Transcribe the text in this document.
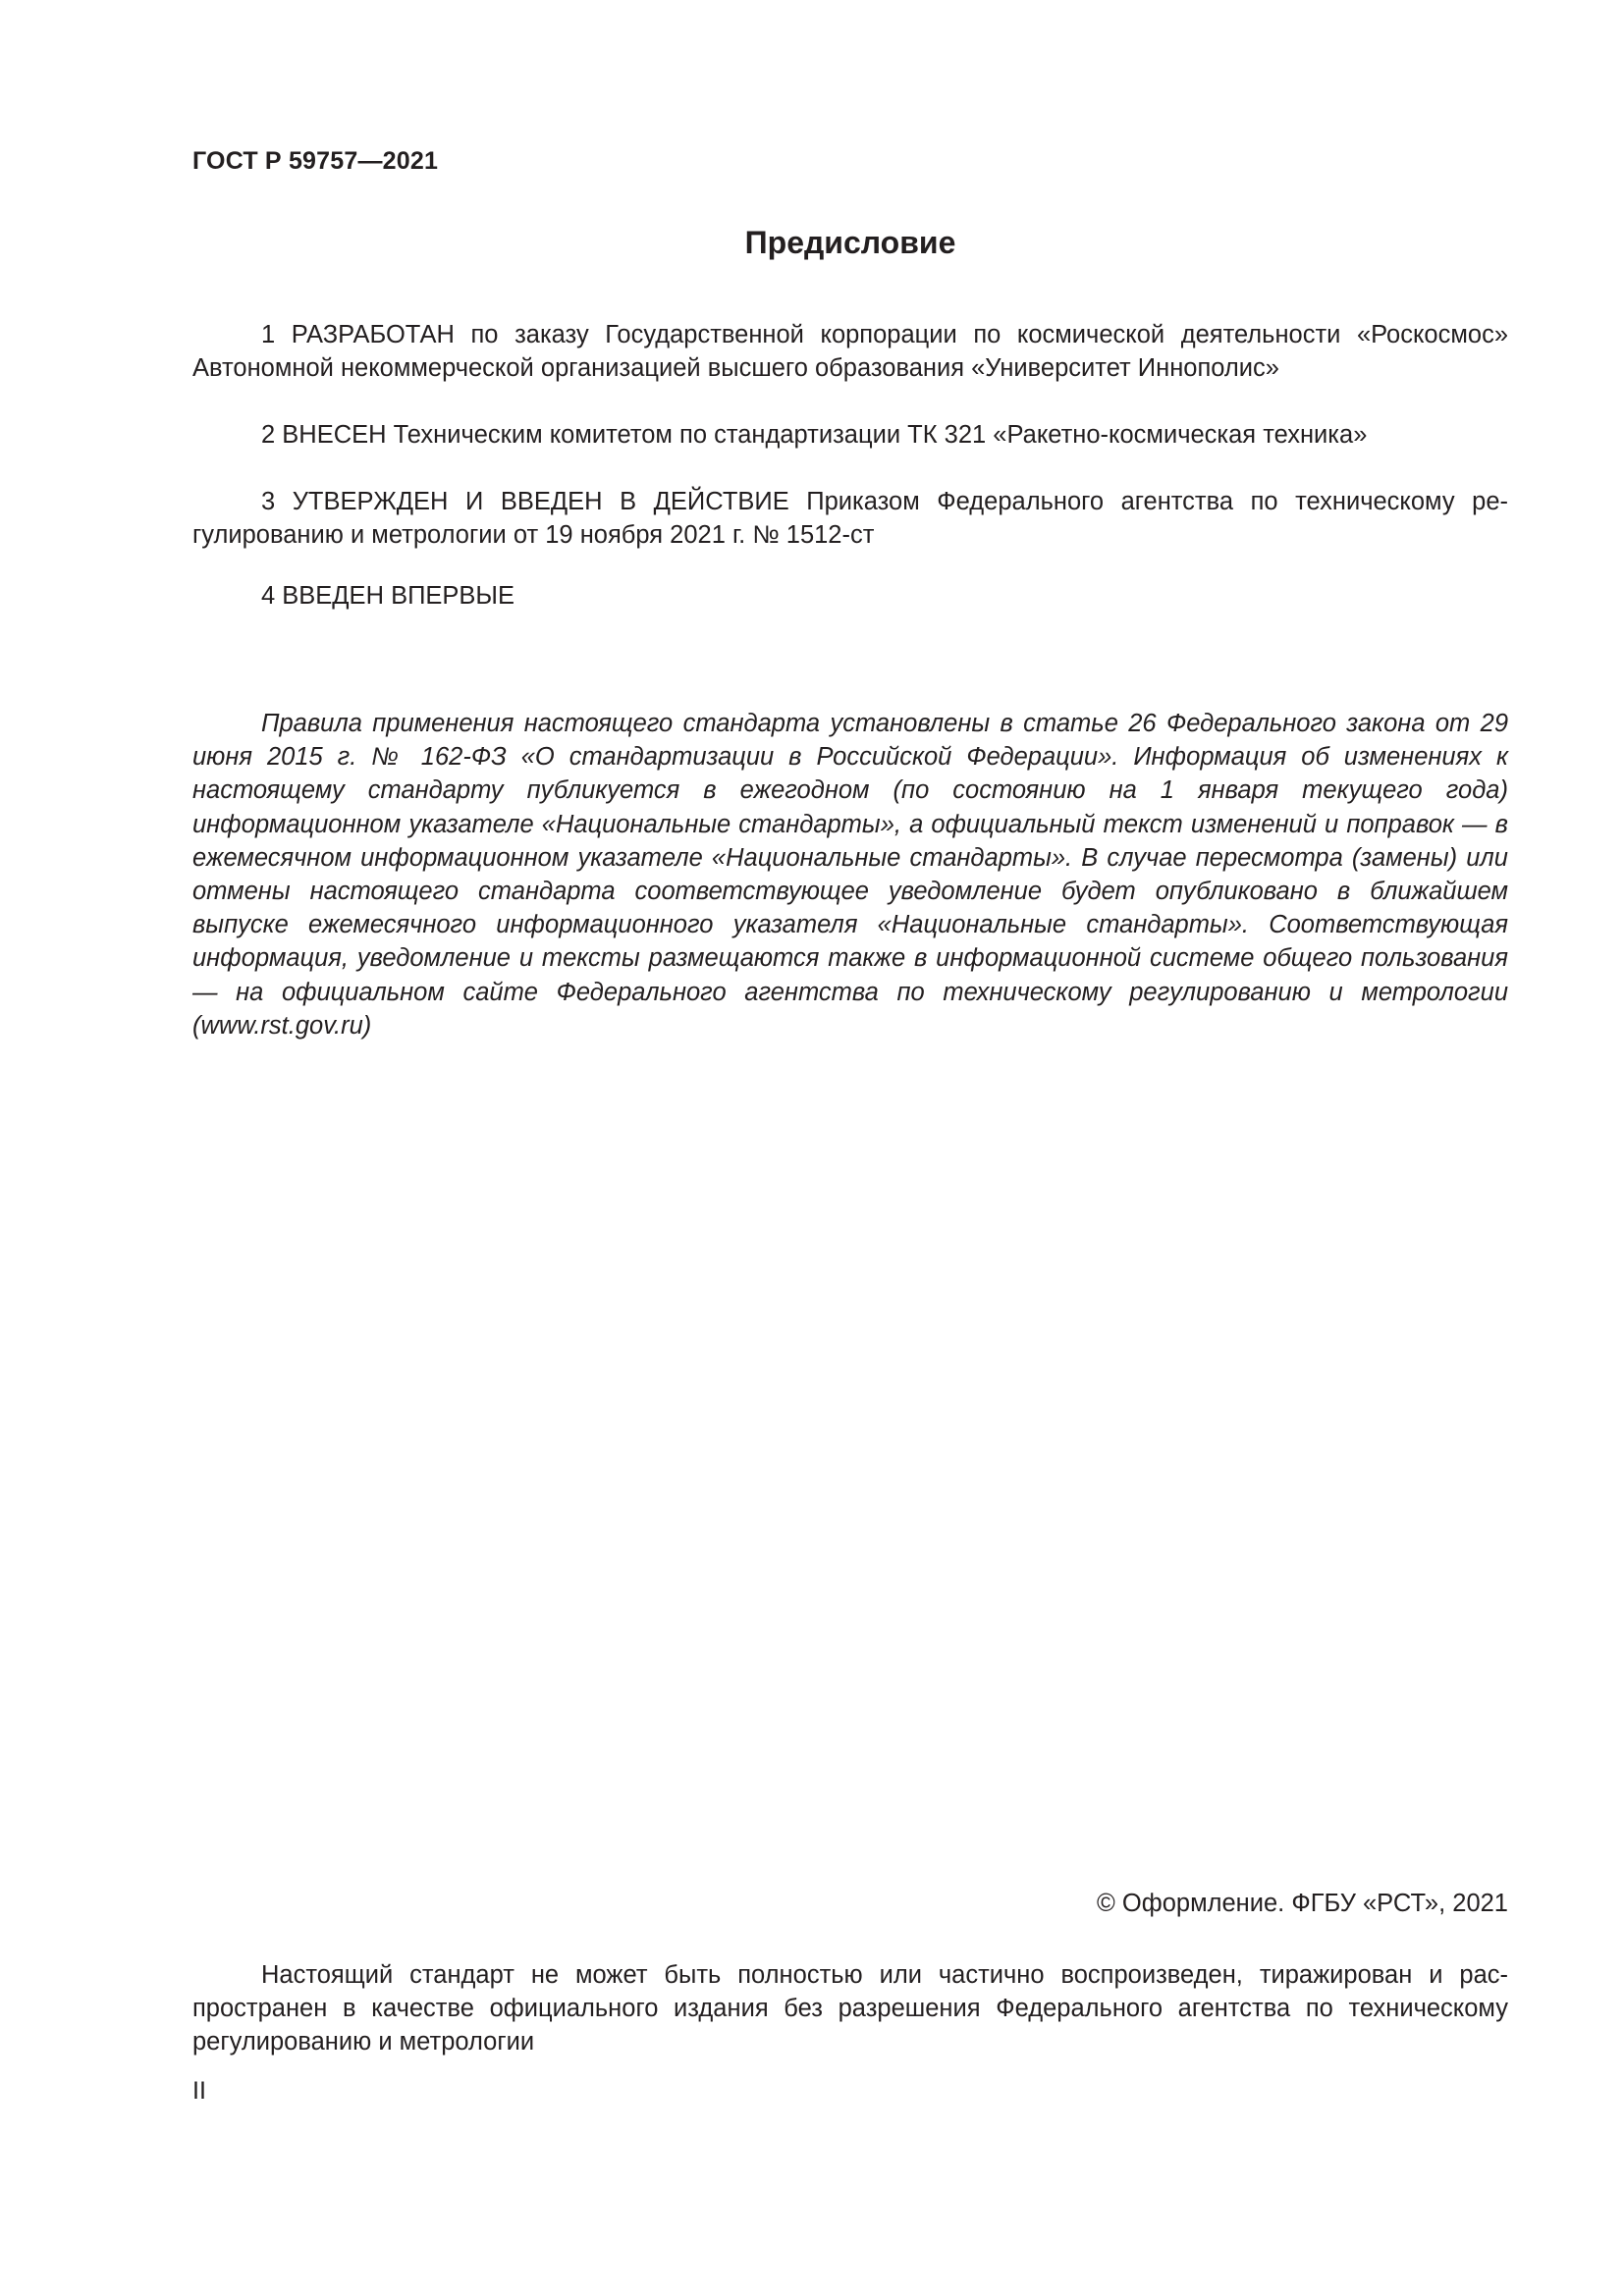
ГОСТ Р 59757—2021
Предисловие

1 РАЗРАБОТАН по заказу Государственной корпорации по космической деятельности «Роскосмос» Автономной некоммерческой организацией высшего образования «Университет Иннополис»

2 ВНЕСЕН Техническим комитетом по стандартизации ТК 321 «Ракетно-космическая техника»

3 УТВЕРЖДЕН И ВВЕДЕН В ДЕЙСТВИЕ Приказом Федерального агентства по техническому регулированию и метрологии от 19 ноября 2021 г. № 1512-ст

4 ВВЕДЕН ВПЕРВЫЕ

Правила применения настоящего стандарта установлены в статье 26 Федерального закона от 29 июня 2015 г. № 162-ФЗ «О стандартизации в Российской Федерации». Информация об изменениях к настоящему стандарту публикуется в ежегодном (по состоянию на 1 января текущего года) информационном указателе «Национальные стандарты», а официальный текст изменений и поправок — в ежемесячном информационном указателе «Национальные стандарты». В случае пересмотра (замены) или отмены настоящего стандарта соответствующее уведомление будет опубликовано в ближайшем выпуске ежемесячного информационного указателя «Национальные стандарты». Соответствующая информация, уведомление и тексты размещаются также в информационной системе общего пользования — на официальном сайте Федерального агентства по техническому регулированию и метрологии (www.rst.gov.ru)

© Оформление. ФГБУ «РСТ», 2021

Настоящий стандарт не может быть полностью или частично воспроизведен, тиражирован и распространен в качестве официального издания без разрешения Федерального агентства по техническому регулированию и метрологии

II
